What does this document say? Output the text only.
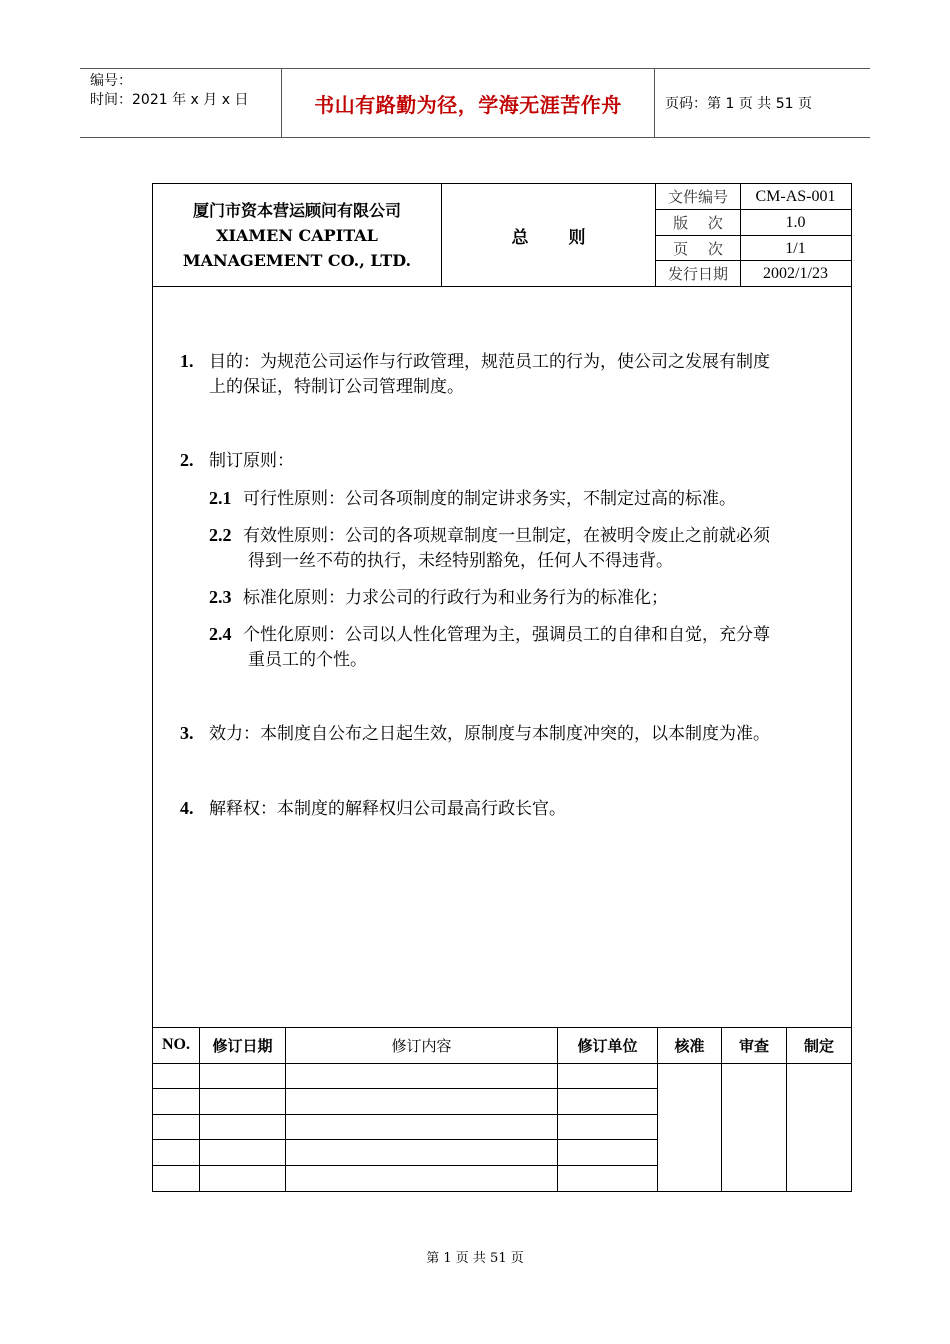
编号：
时间：2021 年 x 月 x 日	书山有路勤为径，学海无涯苦作舟	页码：第 1 页 共 51 页
厦门市资本营运顾问有限公司
XIAMEN CAPITAL
MANAGEMENT CO., LTD.
总则
文件编号	CM-AS-001
版　 次	1.0
页　 次	1/1
发行日期	2002/1/23
1. 目的：为规范公司运作与行政管理，规范员工的行为，使公司之发展有制度
上的保证，特制订公司管理制度。
2. 制订原则：
2.1 可行性原则：公司各项制度的制定讲求务实，不制定过高的标准。
2.2 有效性原则：公司的各项规章制度一旦制定，在被明令废止之前就必须
得到一丝不苟的执行，未经特别豁免，任何人不得违背。
2.3 标准化原则：力求公司的行政行为和业务行为的标准化；
2.4 个性化原则：公司以人性化管理为主，强调员工的自律和自觉，充分尊
重员工的个性。
3. 效力：本制度自公布之日起生效，原制度与本制度冲突的，以本制度为准。
4. 解释权：本制度的解释权归公司最高行政长官。
NO.	修订日期	修订内容	修订单位	核准	审查	制定
第 1 页 共 51 页
